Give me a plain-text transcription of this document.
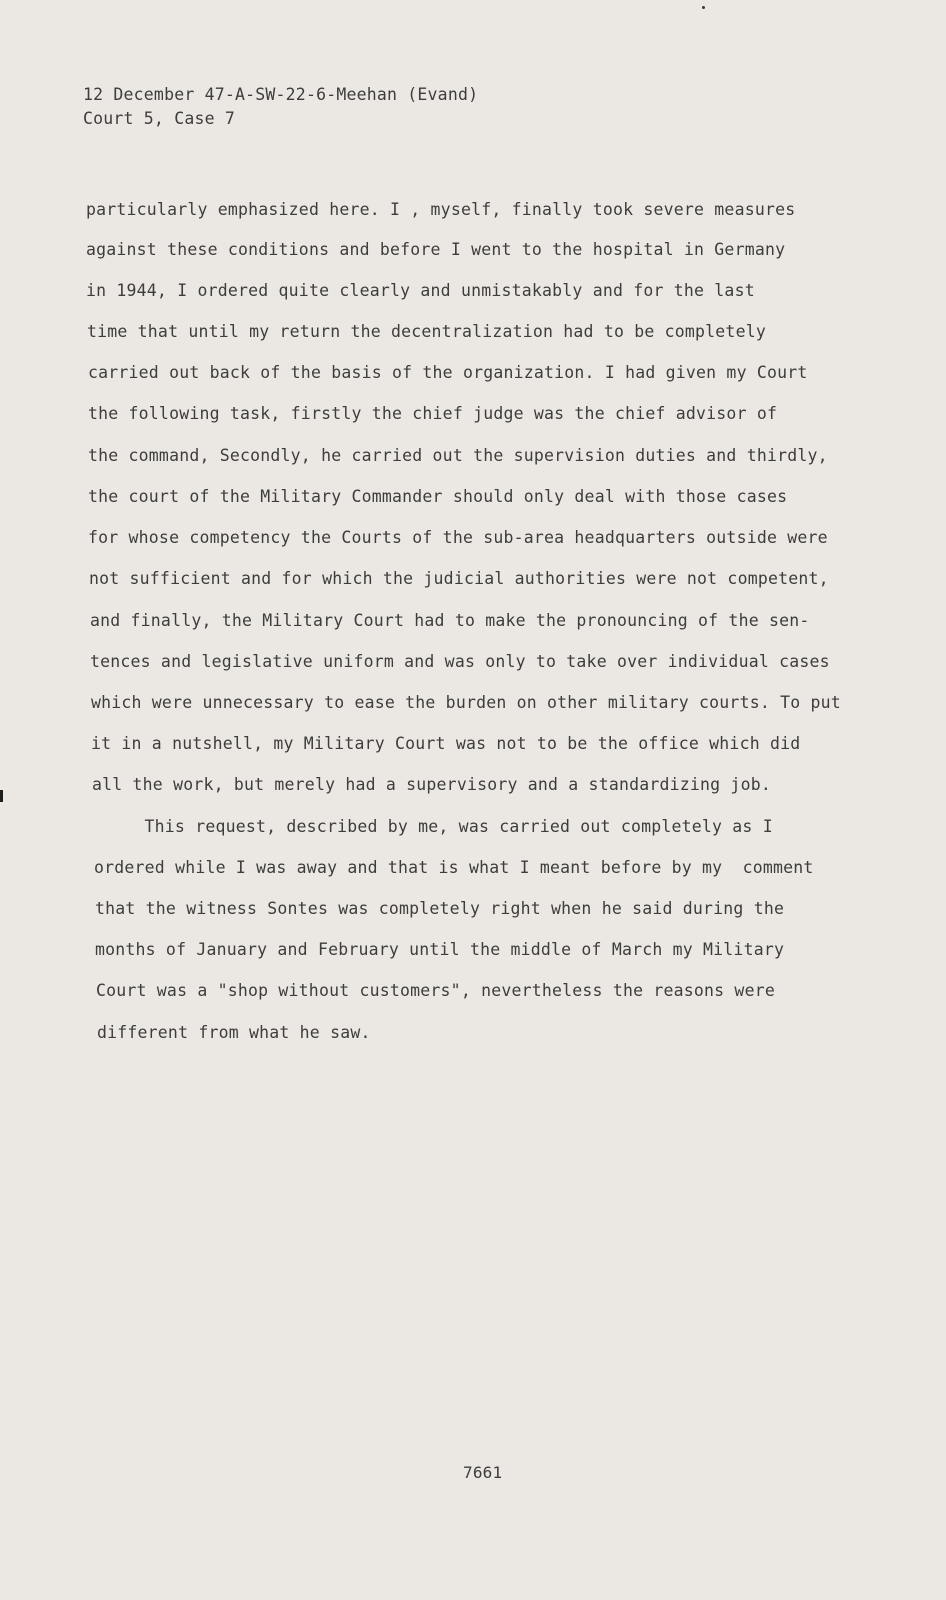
12 December 47-A-SW-22-6-Meehan (Evand)
Court 5, Case 7
particularly emphasized here. I , myself, finally took severe measures
against these conditions and before I went to the hospital in Germany
in 1944, I ordered quite clearly and unmistakably and for the last
time that until my return the decentralization had to be completely
carried out back of the basis of the organization. I had given my Court
the following task, firstly the chief judge was the chief advisor of
the command, Secondly, he carried out the supervision duties and thirdly,
the court of the Military Commander should only deal with those cases
for whose competency the Courts of the sub-area headquarters outside were
not sufficient and for which the judicial authorities were not competent,
and finally, the Military Court had to make the pronouncing of the sen-
tences and legislative uniform and was only to take over individual cases
which were unnecessary to ease the burden on other military courts. To put
it in a nutshell, my Military Court was not to be the office which did
all the work, but merely had a supervisory and a standardizing job.
This request, described by me, was carried out completely as I
ordered while I was away and that is what I meant before by my  comment
that the witness Sontes was completely right when he said during the
months of January and February until the middle of March my Military
Court was a "shop without customers", nevertheless the reasons were
different from what he saw.
7661
